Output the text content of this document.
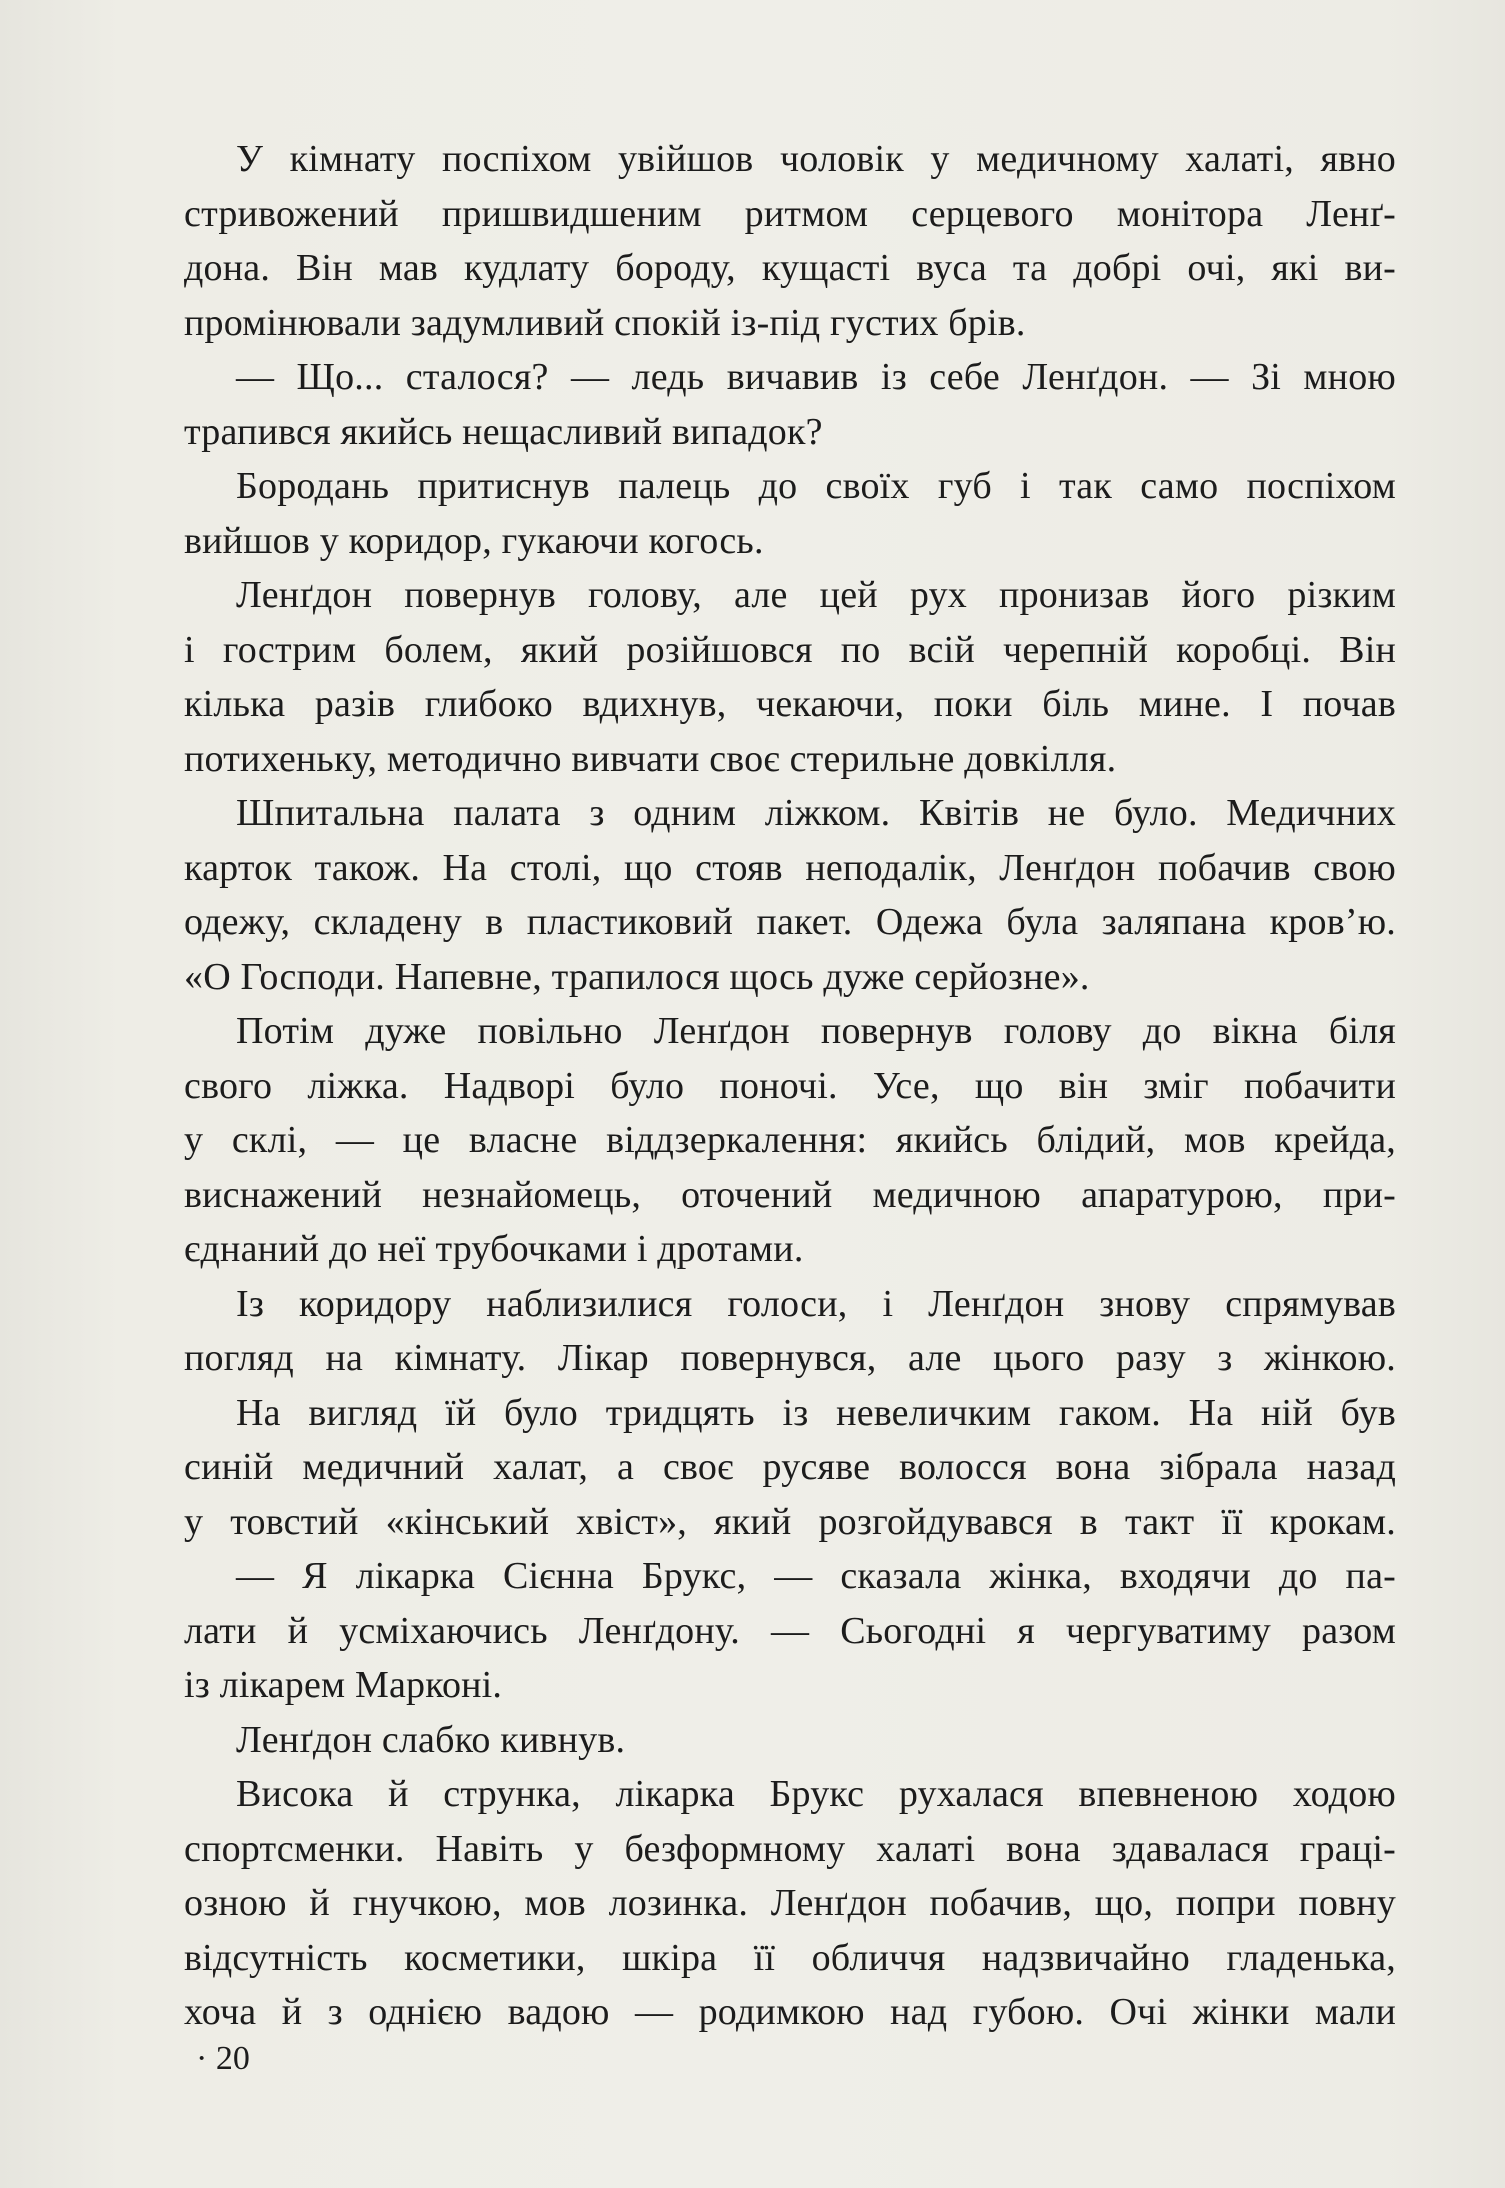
У кімнату поспіхом увійшов чоловік у медичному халаті, явно
стривожений пришвидшеним ритмом серцевого монітора Ленґ-
дона. Він мав кудлату бороду, кущасті вуса та добрі очі, які ви-
промінювали задумливий спокій із-під густих брів.
— Що... сталося? — ледь вичавив із себе Ленґдон. — Зі мною
трапився якийсь нещасливий випадок?
Бородань притиснув палець до своїх губ і так само поспіхом
вийшов у коридор, гукаючи когось.
Ленґдон повернув голову, але цей рух пронизав його різким
і гострим болем, який розійшовся по всій черепній коробці. Він
кілька разів глибоко вдихнув, чекаючи, поки біль мине. І почав
потихеньку, методично вивчати своє стерильне довкілля.
Шпитальна палата з одним ліжком. Квітів не було. Медичних
карток також. На столі, що стояв неподалік, Ленґдон побачив свою
одежу, складену в пластиковий пакет. Одежа була заляпана кров’ю.
«О Господи. Напевне, трапилося щось дуже серйозне».
Потім дуже повільно Ленґдон повернув голову до вікна біля
свого ліжка. Надворі було поночі. Усе, що він зміг побачити
у склі, — це власне віддзеркалення: якийсь блідий, мов крейда,
виснажений незнайомець, оточений медичною апаратурою, при-
єднаний до неї трубочками і дротами.
Із коридору наблизилися голоси, і Ленґдон знову спрямував
погляд на кімнату. Лікар повернувся, але цього разу з жінкою.
На вигляд їй було тридцять із невеличким гаком. На ній був
синій медичний халат, а своє русяве волосся вона зібрала назад
у товстий «кінський хвіст», який розгойдувався в такт її крокам.
— Я лікарка Сієнна Брукс, — сказала жінка, входячи до па-
лати й усміхаючись Ленґдону. — Сьогодні я чергуватиму разом
із лікарем Марконі.
Ленґдон слабко кивнув.
Висока й струнка, лікарка Брукс рухалася впевненою ходою
спортсменки. Навіть у безформному халаті вона здавалася граці-
озною й гнучкою, мов лозинка. Ленґдон побачив, що, попри повну
відсутність косметики, шкіра її обличчя надзвичайно гладенька,
хоча й з однією вадою — родимкою над губою. Очі жінки мали
· 20
